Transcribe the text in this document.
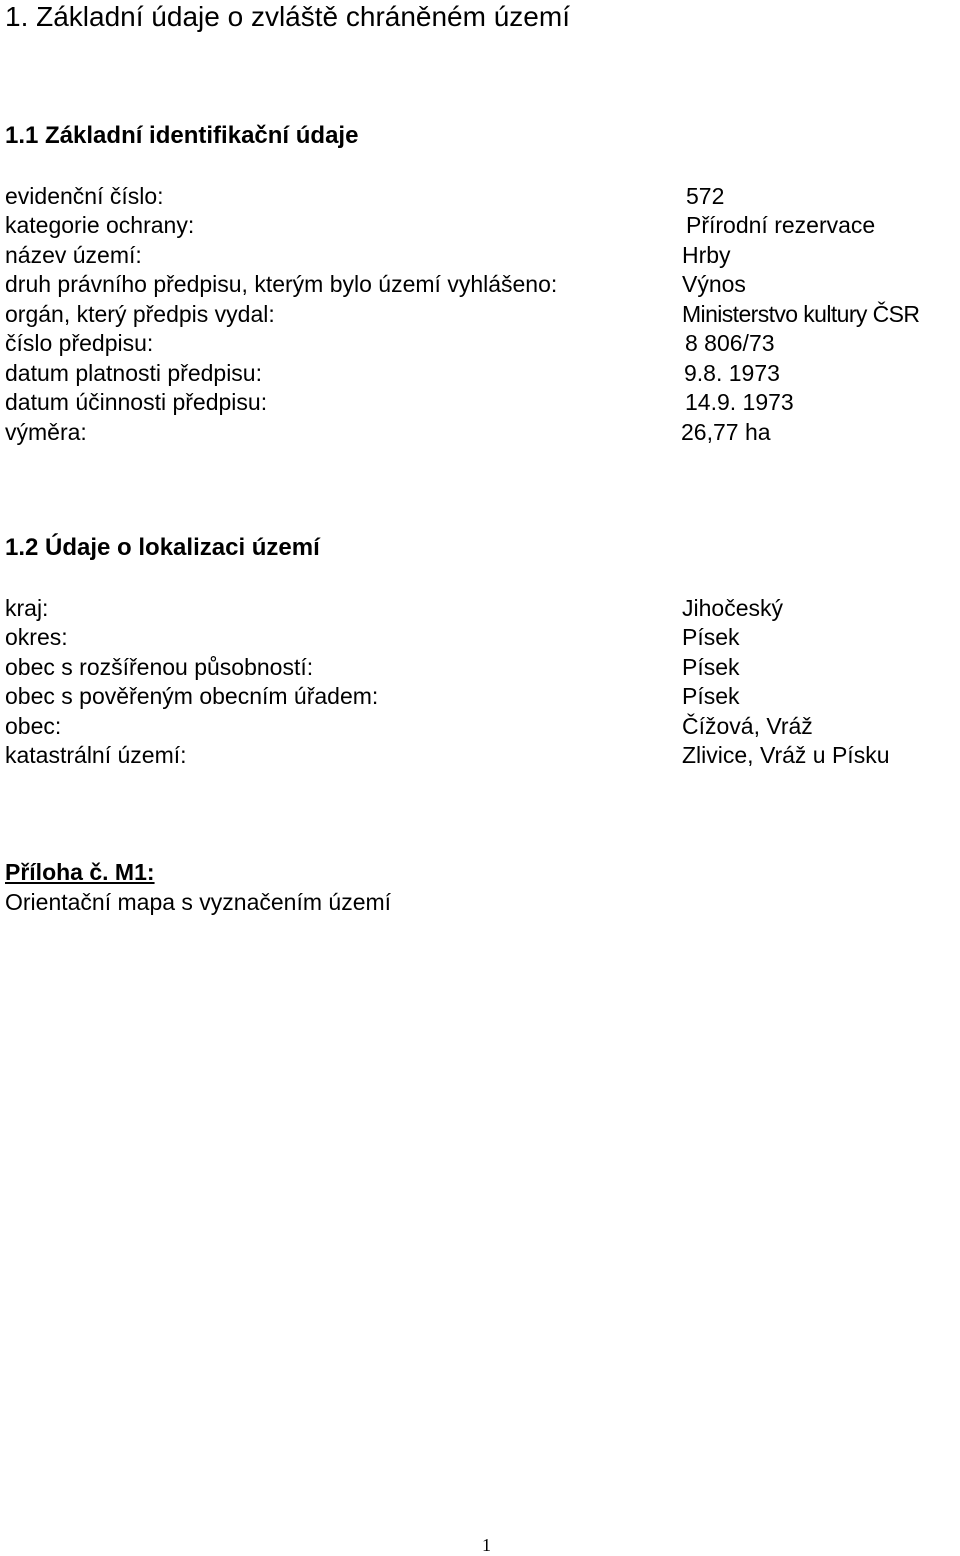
1. Základní údaje o zvláště chráněném území
1.1 Základní identifikační údaje
evidenční číslo:	572
kategorie ochrany:	Přírodní rezervace
název území:	Hrby
druh právního předpisu, kterým bylo území vyhlášeno:	Výnos
orgán, který předpis vydal:	Ministerstvo kultury ČSR
číslo předpisu:	8 806/73
datum platnosti předpisu:	9.8. 1973
datum účinnosti předpisu:	14.9. 1973
výměra:	26,77 ha
1.2 Údaje o lokalizaci území
kraj:	Jihočeský
okres:	Písek
obec s rozšířenou působností:	Písek
obec s pověřeným obecním úřadem:	Písek
obec:	Čížová, Vráž
katastrální území:	Zlivice, Vráž u Písku
Příloha č. M1:
Orientační mapa s vyznačením území
1
